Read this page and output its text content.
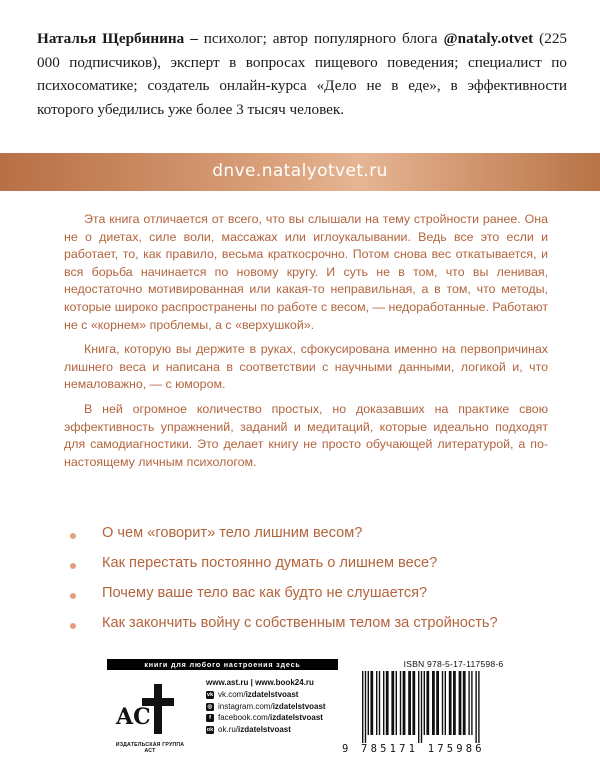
Наталья Щербинина – психолог; автор популярного блога @nataly.otvet (225 000 подписчиков), эксперт в вопросах пищевого поведения; специалист по психосоматике; создатель онлайн-курса «Дело не в еде», в эффективности которого убедились уже более 3 тысяч человек.
dnve.natalyotvet.ru

Эта книга отличается от всего, что вы слышали на тему стройности ранее. Она не о диетах, силе воли, массажах или иглоукалывании. Ведь все это если и работает, то, как правило, весьма краткосрочно. Потом снова вес откатывается, и вся борьба начинается по новому кругу. И суть не в том, что вы ленивая, недостаточно мотивированная или какая-то неправильная, а в том, что методы, которые широко распространены по работе с весом, — недоработанные. Работают не с «корнем» проблемы, а с «верхушкой».

Книга, которую вы держите в руках, сфокусирована именно на первопричинах лишнего веса и написана в соответствии с научными данными, логикой и, что немаловажно, — с юмором.

В ней огромное количество простых, но доказавших на практике свою эффективность упражнений, заданий и медитаций, которые идеально подходят для самодиагностики. Это делает книгу не просто обучающей литературой, а по-настоящему личным психологом.

О чем «говорит» тело лишним весом?
Как перестать постоянно думать о лишнем весе?
Почему ваше тело вас как будто не слушается?
Как закончить войну с собственным телом за стройность?
книги для любого настроения здесь
AC
ИЗДАТЕЛЬСКАЯ ГРУППА АСТ
www.ast.ru | www.book24.ru
vk vk.com/izdatelstvoast
◎ instagram.com/izdatelstvoast
f facebook.com/izdatelstvoast
ok ok.ru/izdatelstvoast
ISBN 978-5-17-117598-6
9 785171 175986
